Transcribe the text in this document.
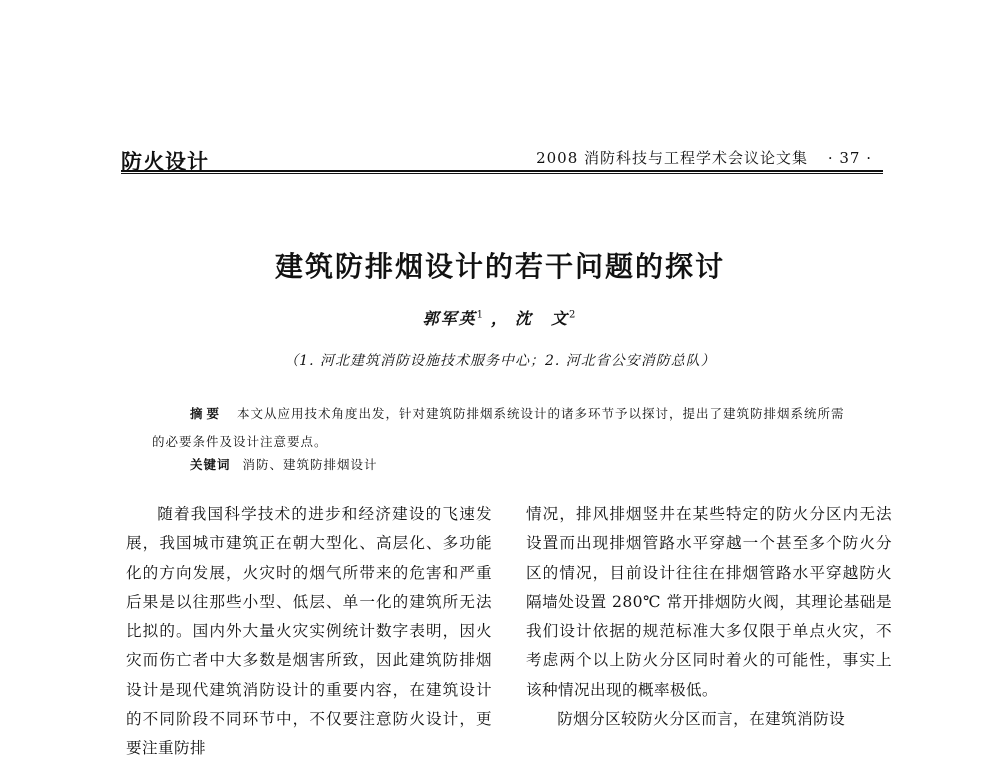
防火设计	2008 消防科技与工程学术会议论文集 · 37 ·
建筑防排烟设计的若干问题的探讨
郭军英$^1$ ， 沈　文$^2$
（1. 河北建筑消防设施技术服务中心；2. 河北省公安消防总队）
摘要 本文从应用技术角度出发，针对建筑防排烟系统设计的诸多环节予以探讨，提出了建筑防排烟系统所需的必要条件及设计注意要点。
关键词 消防、建筑防排烟设计

随着我国科学技术的进步和经济建设的飞速发展，我国城市建筑正在朝大型化、高层化、多功能化的方向发展，火灾时的烟气所带来的危害和严重后果是以往那些小型、低层、单一化的建筑所无法比拟的。国内外大量火灾实例统计数字表明，因火灾而伤亡者中大多数是烟害所致，因此建筑防排烟设计是现代建筑消防设计的重要内容，在建筑设计的不同阶段不同环节中，不仅要注意防火设计，更要注重防排

情况，排风排烟竖井在某些特定的防火分区内无法设置而出现排烟管路水平穿越一个甚至多个防火分区的情况，目前设计往往在排烟管路水平穿越防火隔墙处设置 280℃ 常开排烟防火阀，其理论基础是我们设计依据的规范标准大多仅限于单点火灾，不考虑两个以上防火分区同时着火的可能性，事实上该种情况出现的概率极低。

防烟分区较防火分区而言，在建筑消防设
